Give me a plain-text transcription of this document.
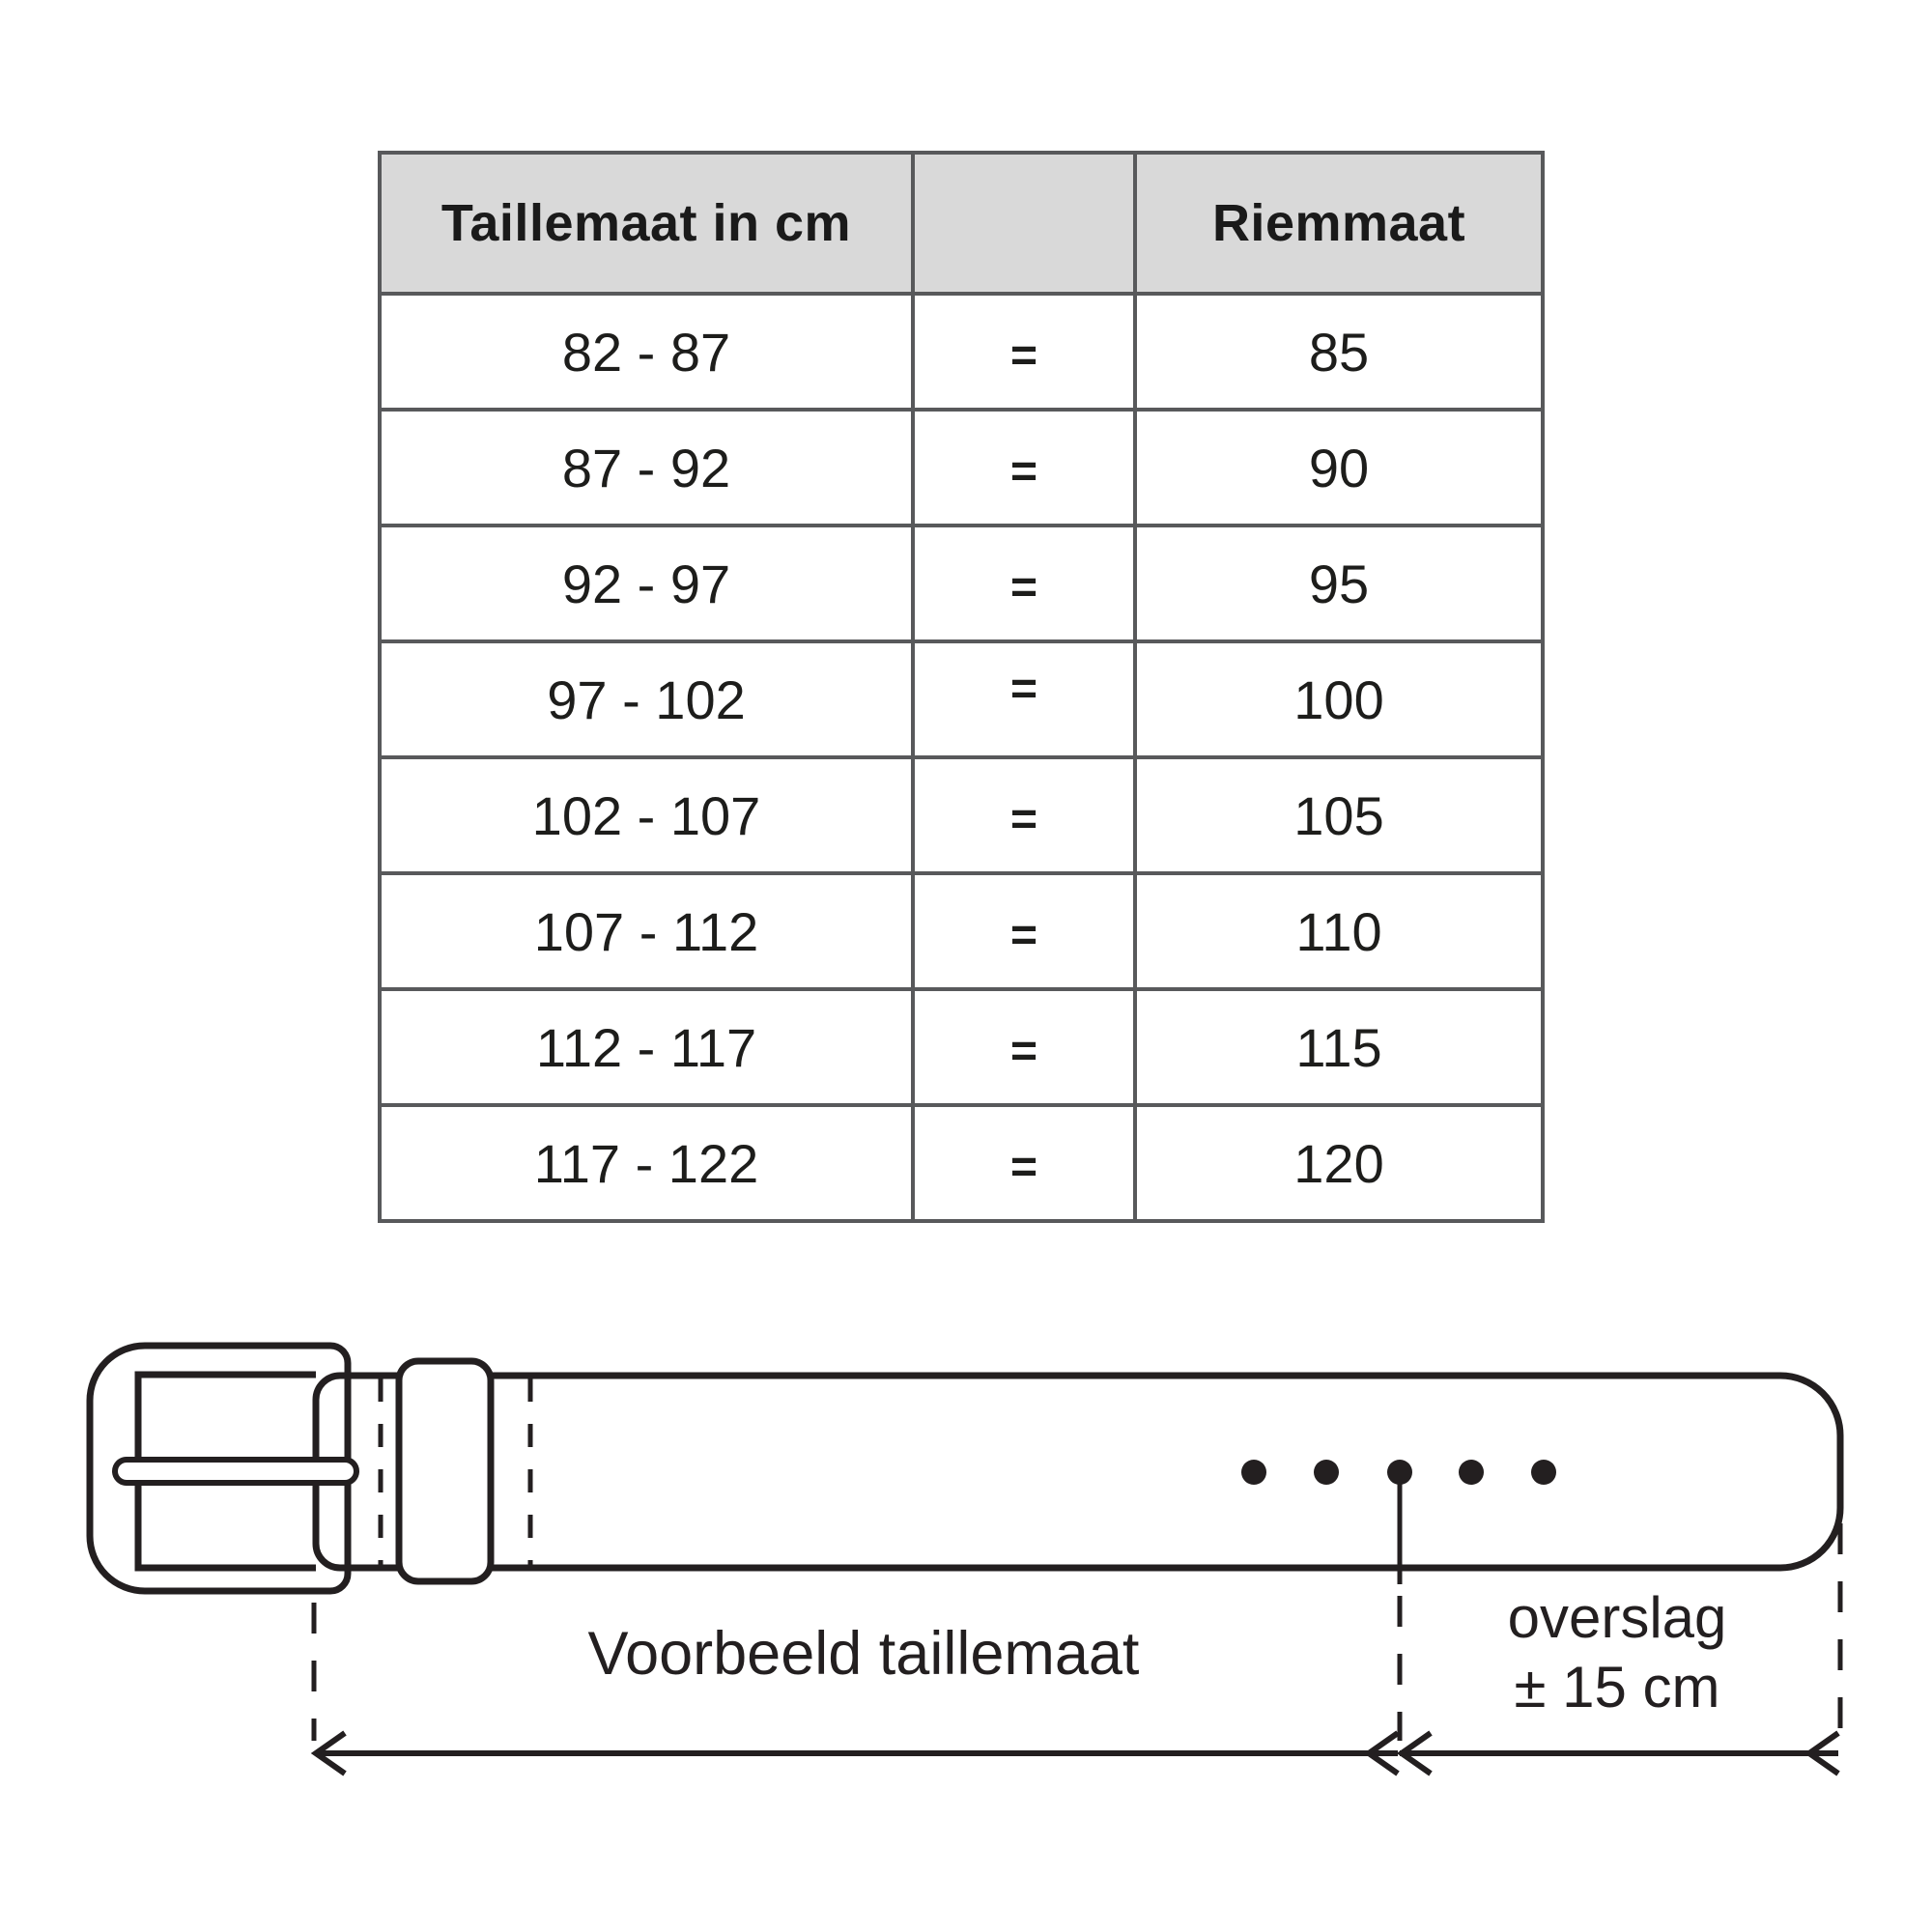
Taillemaat in cm		Riemmaat
82 - 87	=	85
87 - 92	=	90
92 - 97	=	95
97 - 102	=	100
102 - 107	=	105
107 - 112	=	110
112 - 117	=	115
117 - 122	=	120
Voorbeeld taillemaat
overslag
± 15 cm
